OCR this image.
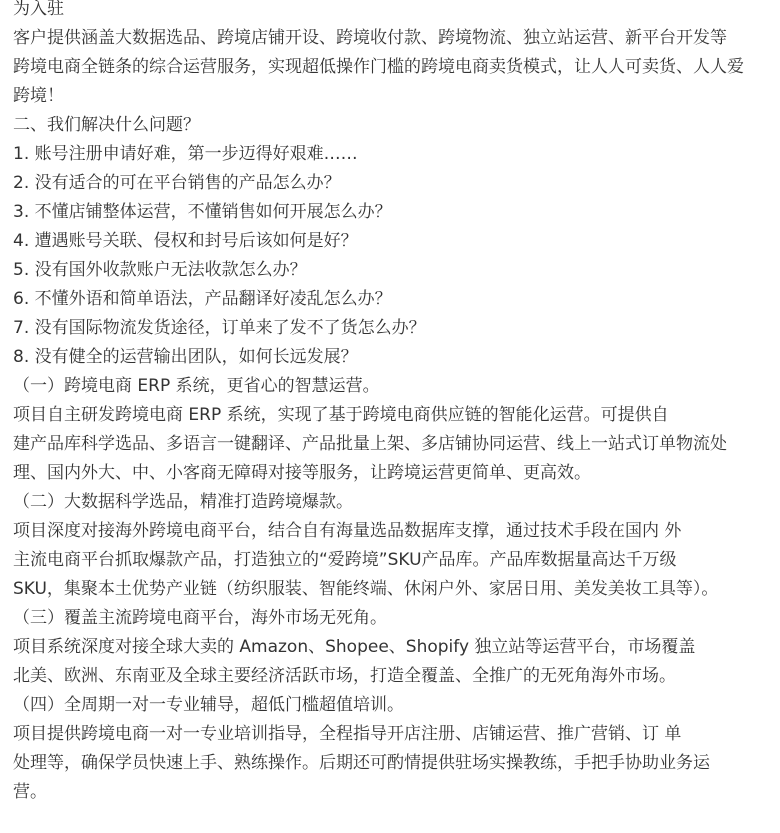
为入驻
客户提供涵盖大数据选品、跨境店铺开设、跨境收付款、跨境物流、独立站运营、新平台开发等
跨境电商全链条的综合运营服务，实现超低操作门槛的跨境电商卖货模式，让人人可卖货、人人爱
跨境！
二、我们解决什么问题？
1. 账号注册申请好难，第一步迈得好艰难……
2. 没有适合的可在平台销售的产品怎么办？
3. 不懂店铺整体运营，不懂销售如何开展怎么办？
4. 遭遇账号关联、侵权和封号后该如何是好？
5. 没有国外收款账户无法收款怎么办？
6. 不懂外语和简单语法，产品翻译好凌乱怎么办？
7. 没有国际物流发货途径，订单来了发不了货怎么办？
8. 没有健全的运营输出团队，如何长远发展？
（一）跨境电商 ERP 系统，更省心的智慧运营。
项目自主研发跨境电商 ERP 系统，实现了基于跨境电商供应链的智能化运营。可提供自
建产品库科学选品、多语言一键翻译、产品批量上架、多店铺协同运营、线上一站式订单物流处
理、国内外大、中、小客商无障碍对接等服务，让跨境运营更简单、更高效。
（二）大数据科学选品，精准打造跨境爆款。
项目深度对接海外跨境电商平台，结合自有海量选品数据库支撑，通过技术手段在国内 外
主流电商平台抓取爆款产品，打造独立的“爱跨境”SKU产品库。产品库数据量高达千万级
SKU，集聚本土优势产业链（纺织服装、智能终端、休闲户外、家居日用、美发美妆工具等）。
（三）覆盖主流跨境电商平台，海外市场无死角。
项目系统深度对接全球大卖的 Amazon、Shopee、Shopify 独立站等运营平台，市场覆盖
北美、欧洲、东南亚及全球主要经济活跃市场，打造全覆盖、全推广的无死角海外市场。
（四）全周期一对一专业辅导，超低门槛超值培训。
项目提供跨境电商一对一专业培训指导，全程指导开店注册、店铺运营、推广营销、订 单
处理等，确保学员快速上手、熟练操作。后期还可酌情提供驻场实操教练，手把手协助业务运
营。
